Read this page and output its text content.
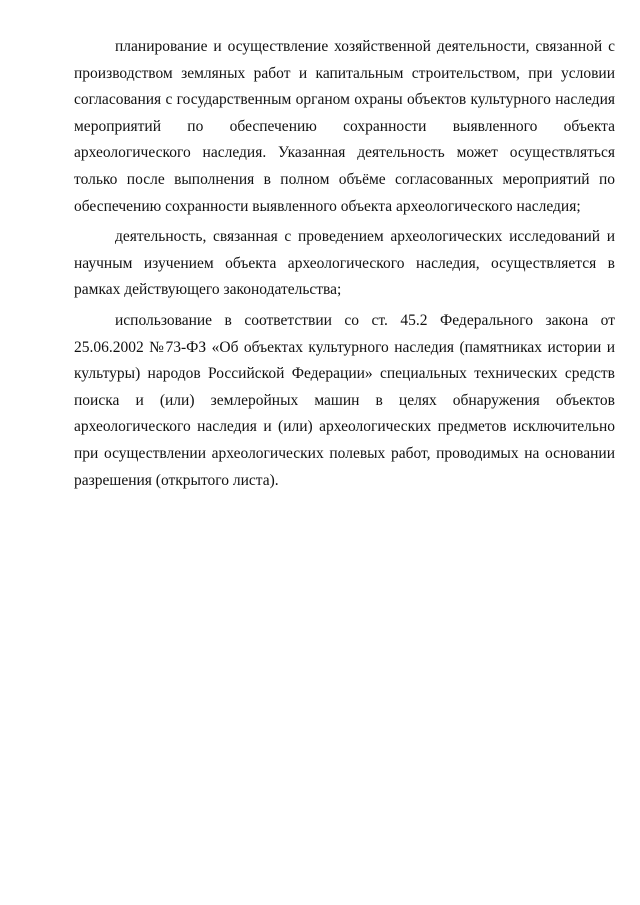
планирование и осуществление хозяйственной деятельности, связанной с производством земляных работ и капитальным строительством, при условии согласования с государственным органом охраны объектов культурного наследия мероприятий по обеспечению сохранности выявленного объекта археологического наследия. Указанная деятельность может осуществляться только после выполнения в полном объёме согласованных мероприятий по обеспечению сохранности выявленного объекта археологического наследия;

деятельность, связанная с проведением археологических исследований и научным изучением объекта археологического наследия, осуществляется в рамках действующего законодательства;

использование в соответствии со ст. 45.2 Федерального закона от 25.06.2002 №73-ФЗ «Об объектах культурного наследия (памятниках истории и культуры) народов Российской Федерации» специальных технических средств поиска и (или) землеройных машин в целях обнаружения объектов археологического наследия и (или) археологических предметов исключительно при осуществлении археологических полевых работ, проводимых на основании разрешения (открытого листа).
